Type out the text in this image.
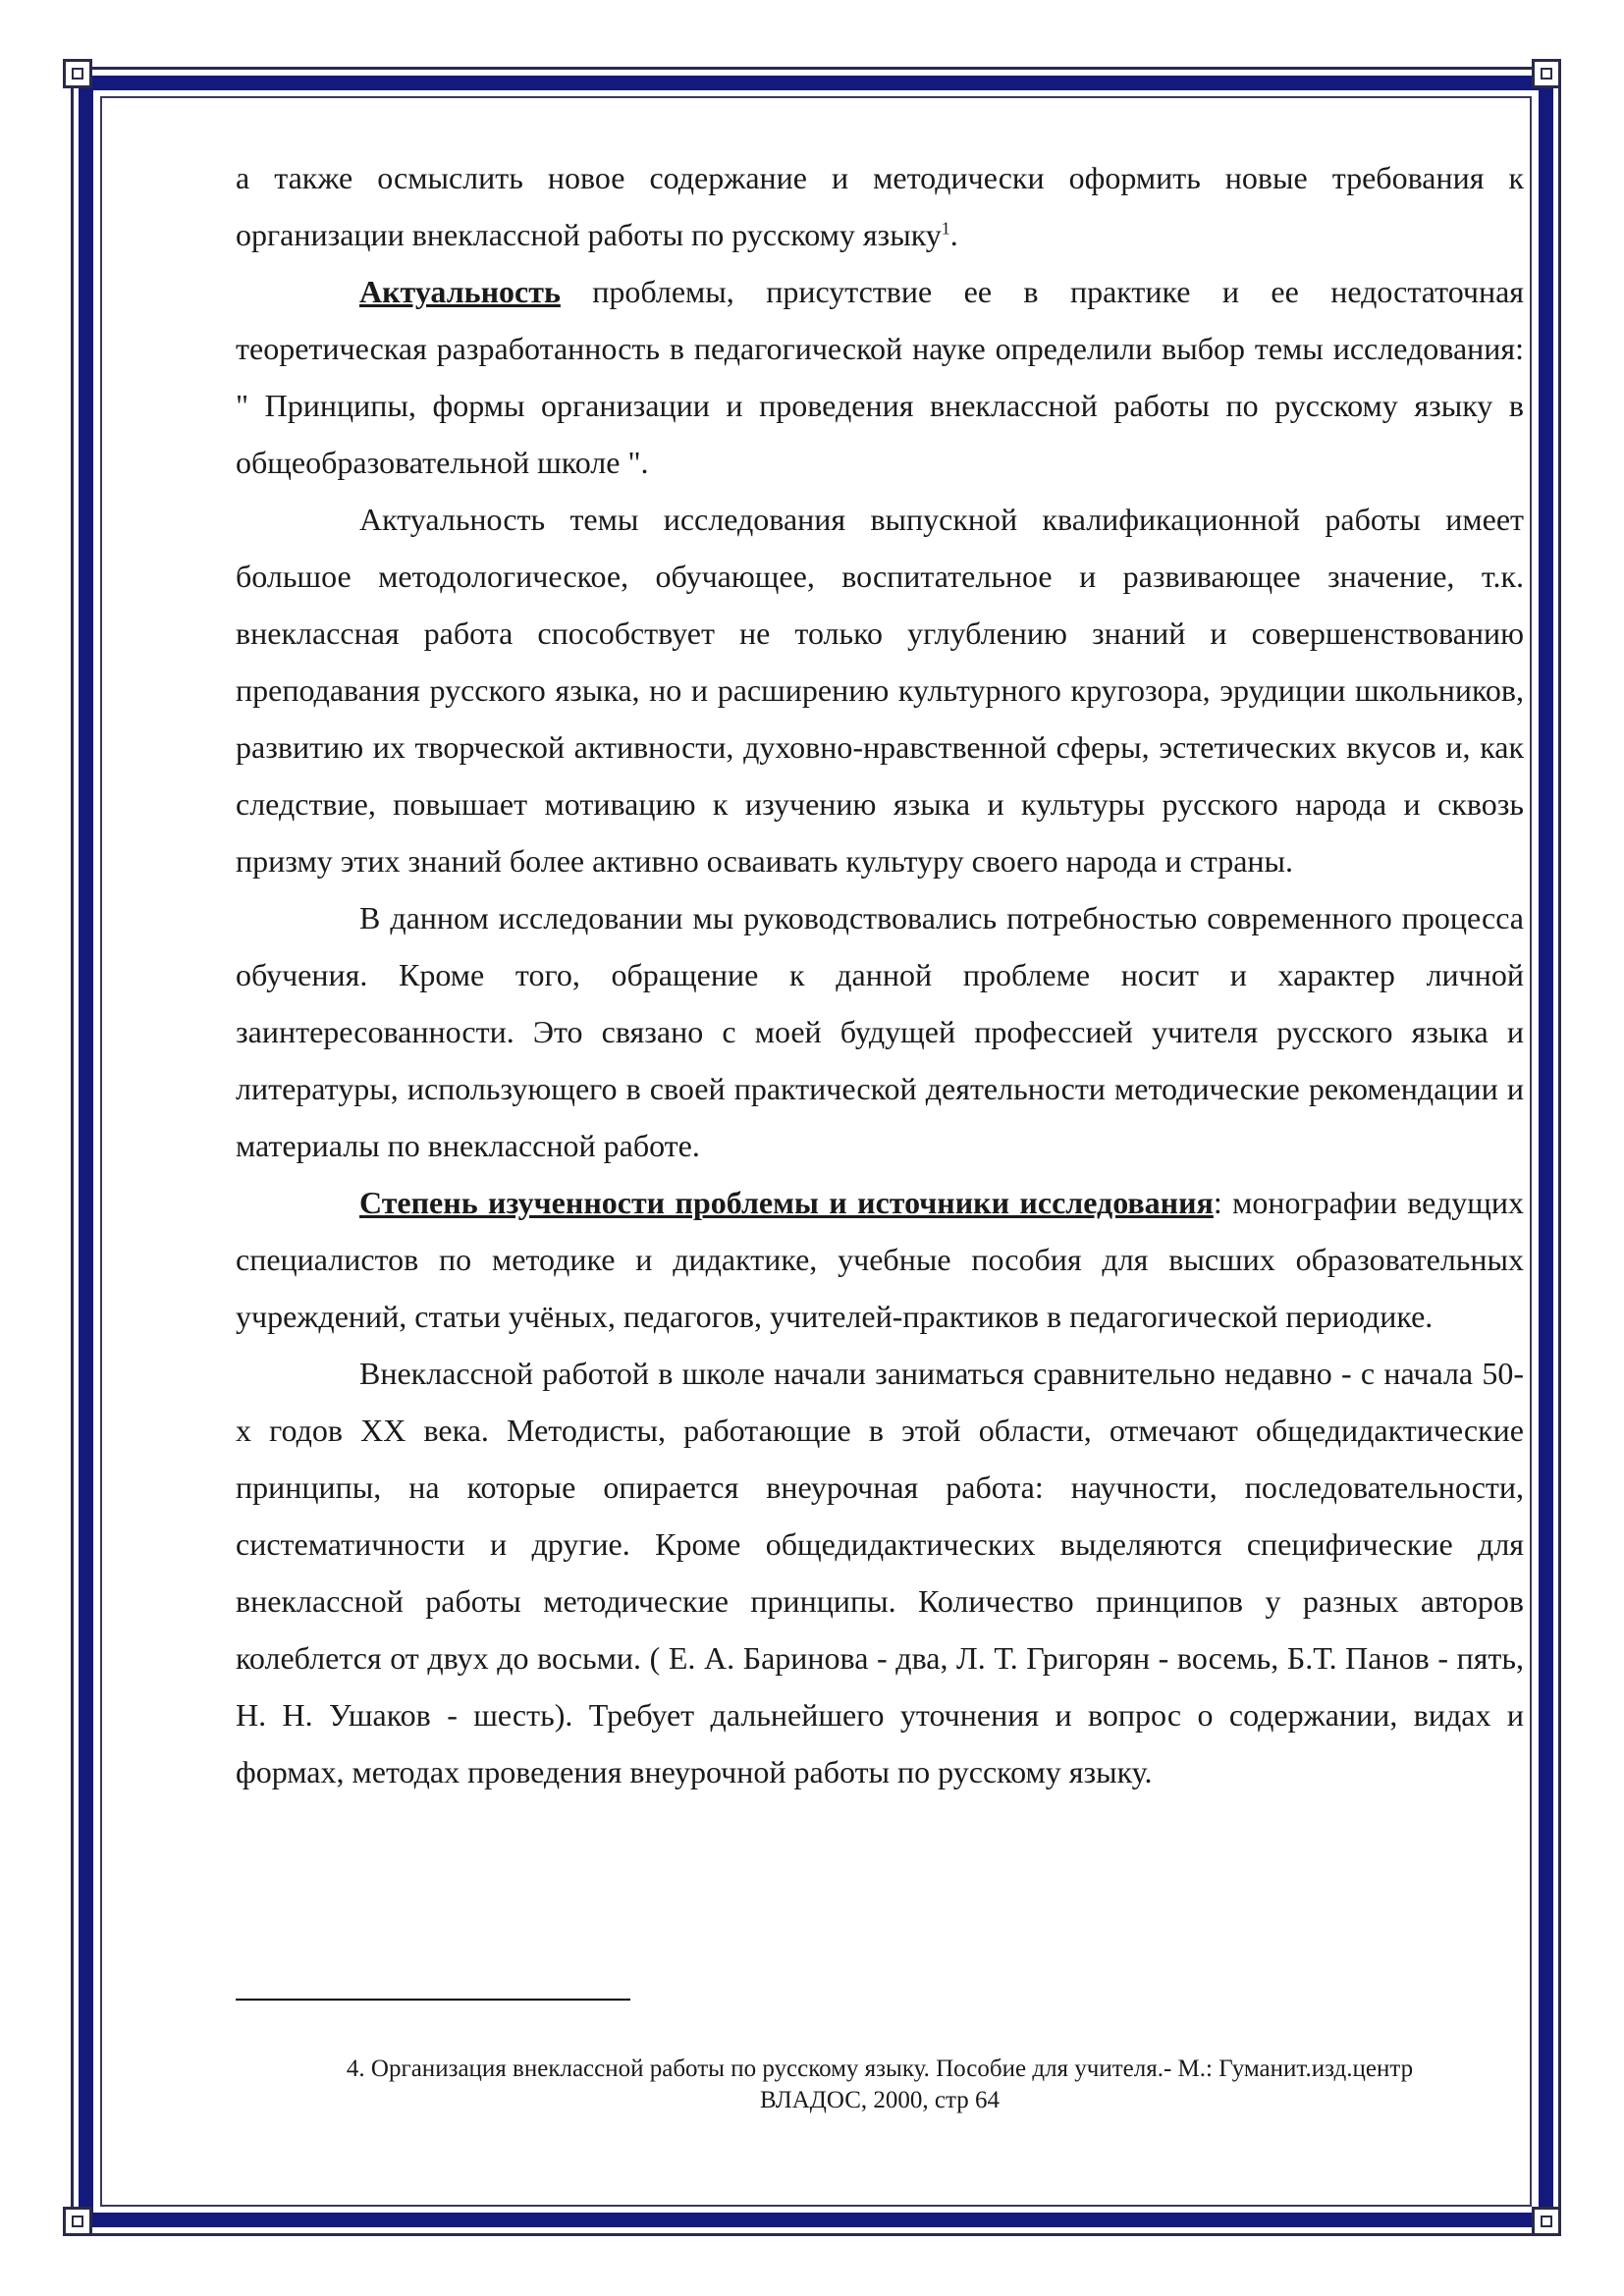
а также осмыслить новое содержание и методически оформить новые требования к организации внеклассной работы по русскому языку$^1$.

Актуальность проблемы, присутствие ее в практике и ее недостаточная теоретическая разработанность в педагогической науке определили выбор темы исследования: " Принципы, формы организации и проведения внеклассной работы по русскому языку в общеобразовательной школе ".

Актуальность темы исследования выпускной квалификационной работы имеет большое методологическое, обучающее, воспитательное и развивающее значение, т.к. внеклассная работа способствует не только углублению знаний и совершенствованию преподавания русского языка, но и расширению культурного кругозора, эрудиции школьников, развитию их творческой активности, духовно-нравственной сферы, эстетических вкусов и, как следствие, повышает мотивацию к изучению языка и культуры русского народа и сквозь призму этих знаний более активно осваивать культуру своего народа и страны.

В данном исследовании мы руководствовались потребностью современного процесса обучения. Кроме того, обращение к данной проблеме носит и характер личной заинтересованности. Это связано с моей будущей профессией учителя русского языка и литературы, использующего в своей практической деятельности методические рекомендации и материалы по внеклассной работе.

Степень изученности проблемы и источники исследования: монографии ведущих специалистов по методике и дидактике, учебные пособия для высших образовательных учреждений, статьи учёных, педагогов, учителей-практиков в педагогической периодике.

Внеклассной работой в школе начали заниматься сравнительно недавно - с начала 50-х годов XX века. Методисты, работающие в этой области, отмечают общедидактические принципы, на которые опирается внеурочная работа: научности, последовательности, систематичности и другие. Кроме общедидактических выделяются специфические для внеклассной работы методические принципы. Количество принципов у разных авторов колеблется от двух до восьми. ( Е. А. Баринова - два, Л. Т. Григорян - восемь, Б.Т. Панов - пять, Н. Н. Ушаков - шесть). Требует дальнейшего уточнения и вопрос о содержании, видах и формах, методах проведения внеурочной работы по русскому языку.

4. Организация внеклассной работы по русскому языку. Пособие для учителя.- М.: Гуманит.изд.центр
ВЛАДОС, 2000, стр 64
